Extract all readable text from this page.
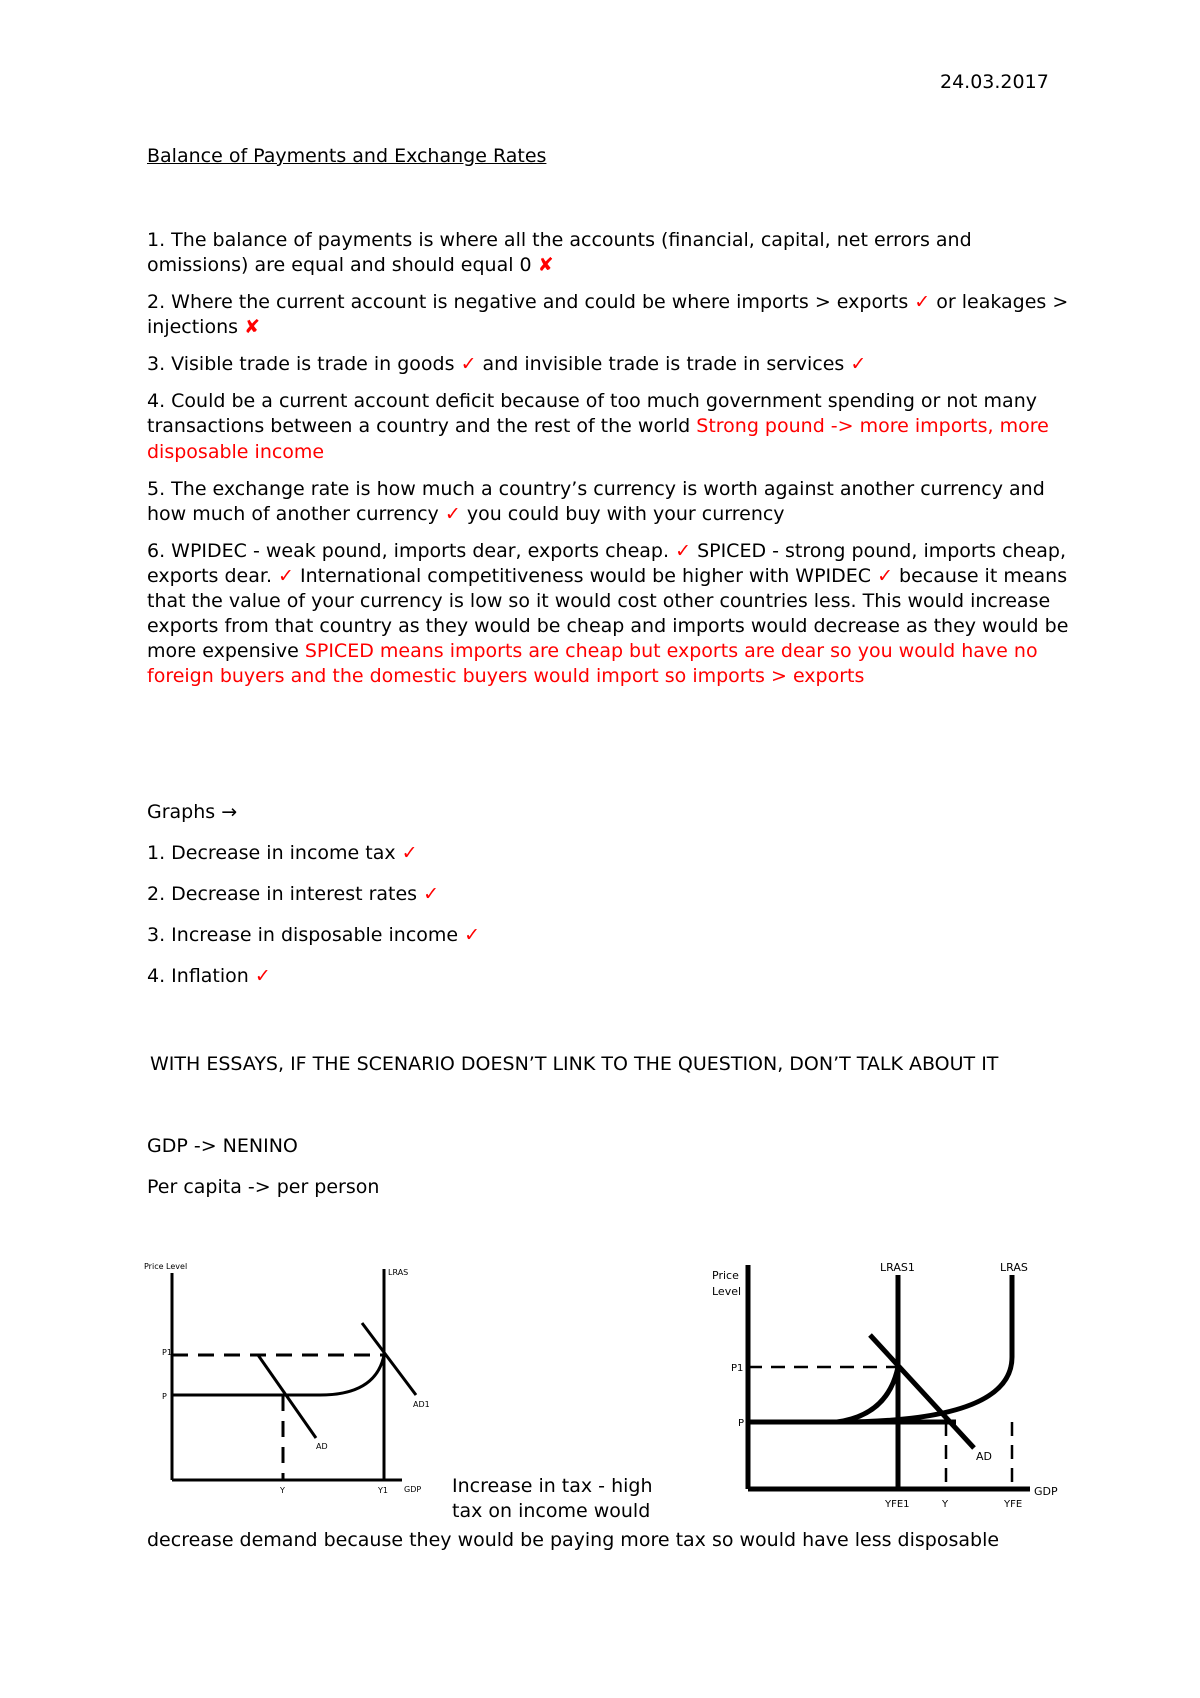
24.03.2017
Balance of Payments and Exchange Rates

1. The balance of payments is where all the accounts (financial, capital, net errors and omissions) are equal and should equal 0 ✘

2. Where the current account is negative and could be where imports > exports ✓ or leakages > injections ✘

3. Visible trade is trade in goods ✓ and invisible trade is trade in services ✓

4. Could be a current account deficit because of too much government spending or not many transactions between a country and the rest of the world Strong pound -> more imports, more disposable income

5. The exchange rate is how much a country’s currency is worth against another currency and how much of another currency ✓ you could buy with your currency

6. WPIDEC - weak pound, imports dear, exports cheap. ✓ SPICED - strong pound, imports cheap, exports dear. ✓ International competitiveness would be higher with WPIDEC ✓ because it means that the value of your currency is low so it would cost other countries less. This would increase exports from that country as they would be cheap and imports would decrease as they would be more expensive SPICED means imports are cheap but exports are dear so you would have no foreign buyers and the domestic buyers would import so imports > exports

Graphs →

1. Decrease in income tax ✓

2. Decrease in interest rates ✓

3. Increase in disposable income ✓

4. Inflation ✓

WITH ESSAYS, IF THE SCENARIO DOESN’T LINK TO THE QUESTION, DON’T TALK ABOUT IT

GDP -> NENINO

Per capita -> per person

Price Level
GDP
LRAS
P1
P
AD
AD1
Y	Y1
Price
Level
GDP
LRAS1	LRAS
P
P1
AD
YFE1	Y	YFE
Increase in tax - high tax on income would
decrease demand because they would be paying more tax so would have less disposable
